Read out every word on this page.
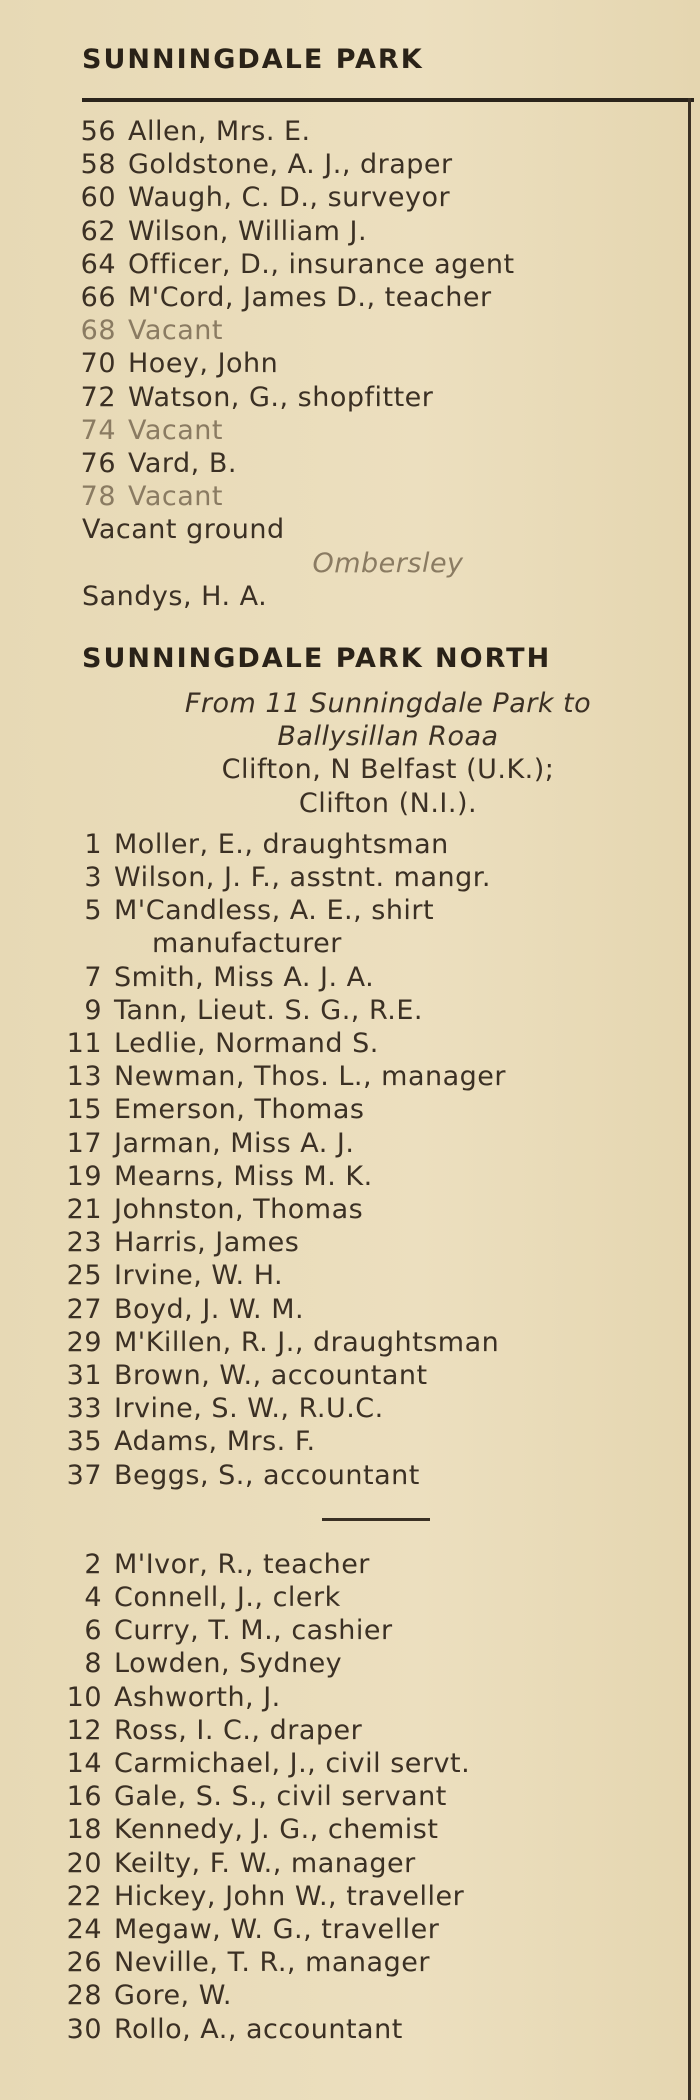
SUNNINGDALE PARK
56 Allen, Mrs. E.
58 Goldstone, A. J., draper
60 Waugh, C. D., surveyor
62 Wilson, William J.
64 Officer, D., insurance agent
66 M'Cord, James D., teacher
68 Vacant
70 Hoey, John
72 Watson, G., shopfitter
74 Vacant
76 Vard, B.
78 Vacant
Vacant ground
Ombersley
Sandys, H. A.
SUNNINGDALE PARK NORTH
From 11 Sunningdale Park to
Ballysillan Roaa
Clifton, N Belfast (U.K.);
Clifton (N.I.).
1 Moller, E., draughtsman
3 Wilson, J. F., asstnt. mangr.
5 M'Candless, A. E., shirt
manufacturer
7 Smith, Miss A. J. A.
9 Tann, Lieut. S. G., R.E.
11 Ledlie, Normand S.
13 Newman, Thos. L., manager
15 Emerson, Thomas
17 Jarman, Miss A. J.
19 Mearns, Miss M. K.
21 Johnston, Thomas
23 Harris, James
25 Irvine, W. H.
27 Boyd, J. W. M.
29 M'Killen, R. J., draughtsman
31 Brown, W., accountant
33 Irvine, S. W., R.U.C.
35 Adams, Mrs. F.
37 Beggs, S., accountant
2 M'Ivor, R., teacher
4 Connell, J., clerk
6 Curry, T. M., cashier
8 Lowden, Sydney
10 Ashworth, J.
12 Ross, I. C., draper
14 Carmichael, J., civil servt.
16 Gale, S. S., civil servant
18 Kennedy, J. G., chemist
20 Keilty, F. W., manager
22 Hickey, John W., traveller
24 Megaw, W. G., traveller
26 Neville, T. R., manager
28 Gore, W.
30 Rollo, A., accountant
